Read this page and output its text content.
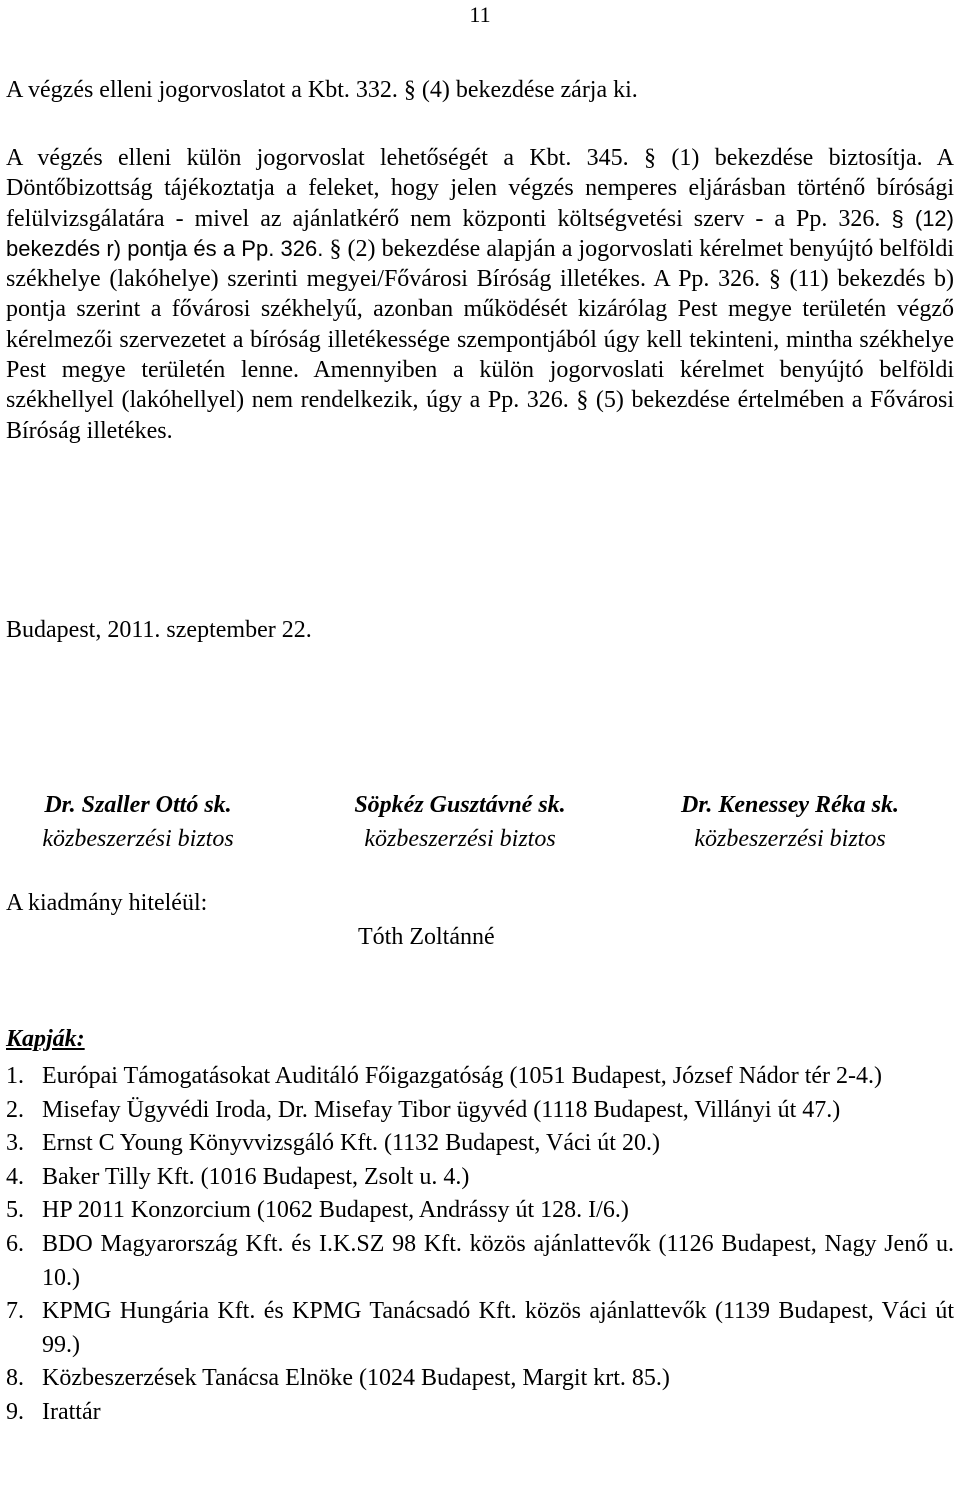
11

A végzés elleni jogorvoslatot a Kbt. 332. § (4) bekezdése zárja ki.

A végzés elleni külön jogorvoslat lehetőségét a Kbt. 345. § (1) bekezdése biztosítja. A Döntőbizottság tájékoztatja a feleket, hogy jelen végzés nemperes eljárásban történő bírósági felülvizsgálatára - mivel az ajánlatkérő nem központi költségvetési szerv - a Pp. 326. § (12) bekezdés r) pontja és a Pp. 326. § (2) bekezdése alapján a jogorvoslati kérelmet benyújtó belföldi székhelye (lakóhelye) szerinti megyei/Fővárosi Bíróság illetékes. A Pp. 326. § (11) bekezdés b) pontja szerint a fővárosi székhelyű, azonban működését kizárólag Pest megye területén végző kérelmezői szervezetet a bíróság illetékessége szempontjából úgy kell tekinteni, mintha székhelye Pest megye területén lenne. Amennyiben a külön jogorvoslati kérelmet benyújtó belföldi székhellyel (lakóhellyel) nem rendelkezik, úgy a Pp. 326. § (5) bekezdése értelmében a Fővárosi Bíróság illetékes.

Budapest, 2011. szeptember 22.
Dr. Szaller Ottó sk.
közbeszerzési biztos
Söpkéz Gusztávné sk.
közbeszerzési biztos
Dr. Kenessey Réka sk.
közbeszerzési biztos
A kiadmány hiteléül:
Tóth Zoltánné
Kapják:
1. Európai Támogatásokat Auditáló Főigazgatóság (1051 Budapest, József Nádor tér 2-4.)
2. Misefay Ügyvédi Iroda, Dr. Misefay Tibor ügyvéd (1118 Budapest, Villányi út 47.)
3. Ernst C Young Könyvvizsgáló Kft. (1132 Budapest, Váci út 20.)
4. Baker Tilly Kft. (1016 Budapest, Zsolt u. 4.)
5. HP 2011 Konzorcium (1062 Budapest, Andrássy út 128. I/6.)
6. BDO Magyarország Kft. és I.K.SZ 98 Kft. közös ajánlattevők (1126 Budapest, Nagy Jenő u. 10.)
7. KPMG Hungária Kft. és KPMG Tanácsadó Kft. közös ajánlattevők (1139 Budapest, Váci út 99.)
8. Közbeszerzések Tanácsa Elnöke (1024 Budapest, Margit krt. 85.)
9. Irattár
